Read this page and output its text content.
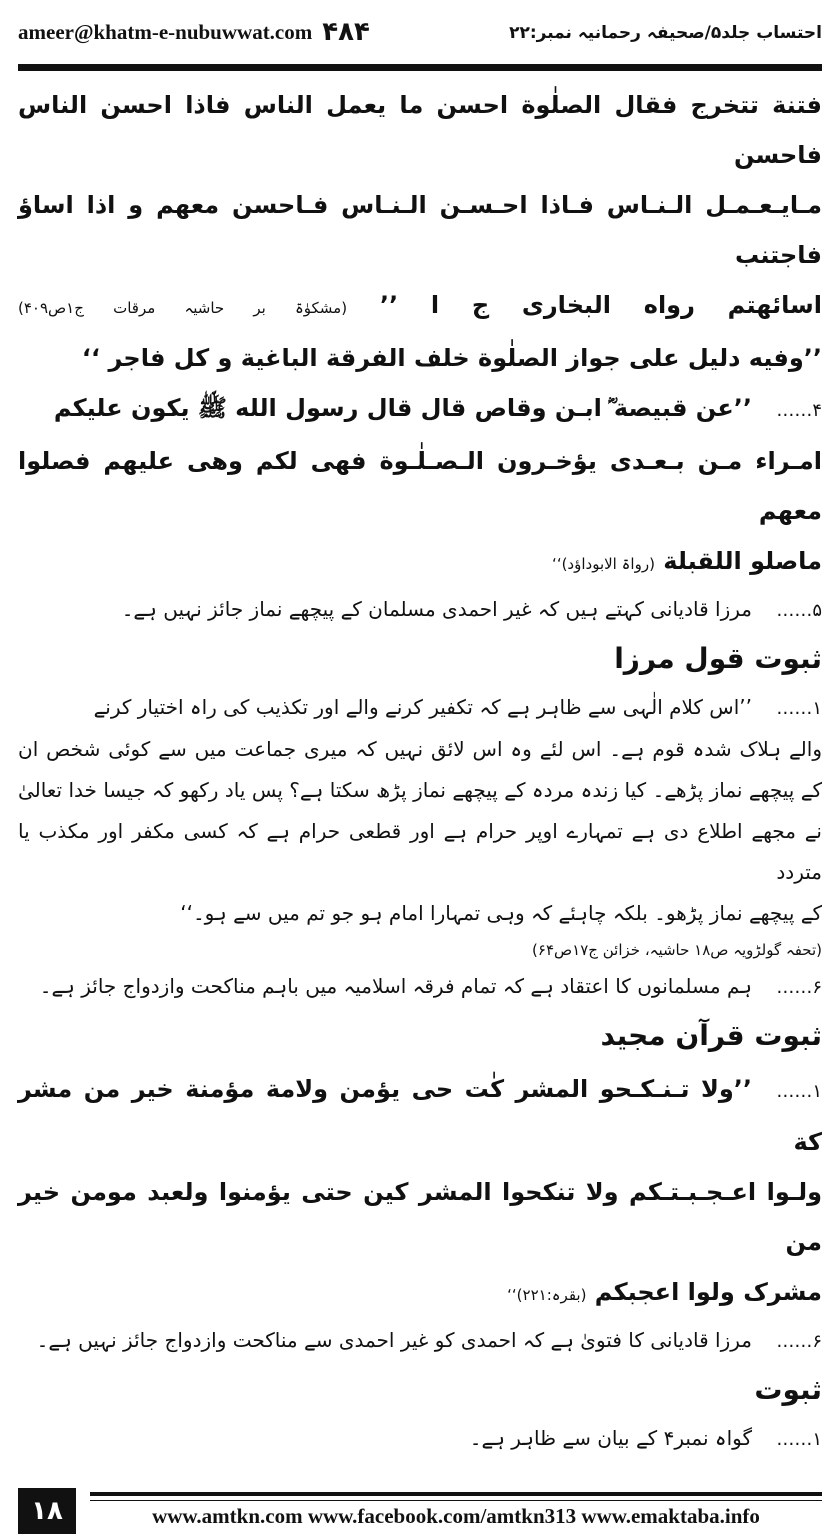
ameer@khatm-e-nubuwwat.com ۴۸۴	احتساب جلد۵/صحیفہ رحمانیہ نمبر:۲۲
فتنة تتخرج فقال الصلٰوة احسن ما یعمل الناس فاذا احسن الناس فاحسن
مـایـعـمـل الـنـاس فـاذا احـسـن الـنـاس فـاحسن معهم و اذا اساؤ فاجتنب
اسائهتم رواه البخاری ج ا ’’ (مشکوٰۃ بر حاشیہ مرقات ج۱ص۴۰۹)
’’وفيه دليل علی جواز الصلٰوة خلف الفرقة الباغية و كل فاجر ‘‘
۴……’’عن قبیصة ؓ ابـن وقاص قال قال رسول الله ﷺ يكون عليكم
امـراء مـن بـعـدی یؤخـرون الـصـلٰـوة فهی لكم وهی علیهم فصلوا معهم
ماصلو اللقبلة (رواۃ الابوداؤد)‘‘
۵……مرزا قادیانی کہتے ہیں کہ غیر احمدی مسلمان کے پیچھے نماز جائز نہیں ہے۔
ثبوت قول مرزا
۱……’’اس کلام الٰہی سے ظاہر ہے کہ تکفیر کرنے والے اور تکذیب کی راہ اختیار کرنے
والے ہلاک شدہ قوم ہے۔ اس لئے وہ اس لائق نہیں کہ میری جماعت میں سے کوئی شخص ان
کے پیچھے نماز پڑھے۔ کیا زندہ مردہ کے پیچھے نماز پڑھ سکتا ہے؟ پس یاد رکھو کہ جیسا خدا تعالیٰ
نے مجھے اطلاع دی ہے تمہارے اوپر حرام ہے اور قطعی حرام ہے کہ کسی مکفر اور مکذب یا متردد
کے پیچھے نماز پڑھو۔ بلکہ چاہئے کہ وہی تمہارا امام ہو جو تم میں سے ہو۔‘‘
(تحفہ گولڑویہ ص۱۸ حاشیہ، خزائن ج۱۷ص۶۴)
۶……ہم مسلمانوں کا اعتقاد ہے کہ تمام فرقہ اسلامیہ میں باہم مناکحت وازدواج جائز ہے۔
ثبوت قرآن مجید
۱……’’ولا تـنـكـحو المشر كٰت حی یؤمن ولامة مؤمنة خیر من مشر كة
ولـوا اعـجـبـتـكم ولا تنكحوا المشر كين حتی یؤمنوا ولعبد مومن خير من
مشرک ولوا اعجبكم (بقرہ:۲۲۱)‘‘
۶……مرزا قادیانی کا فتویٰ ہے کہ احمدی کو غیر احمدی سے مناکحت وازدواج جائز نہیں ہے۔
ثبوت
۱……گواہ نمبر۴ کے بیان سے ظاہر ہے۔
۱۸	www.amtkn.com www.facebook.com/amtkn313 www.emaktaba.info
